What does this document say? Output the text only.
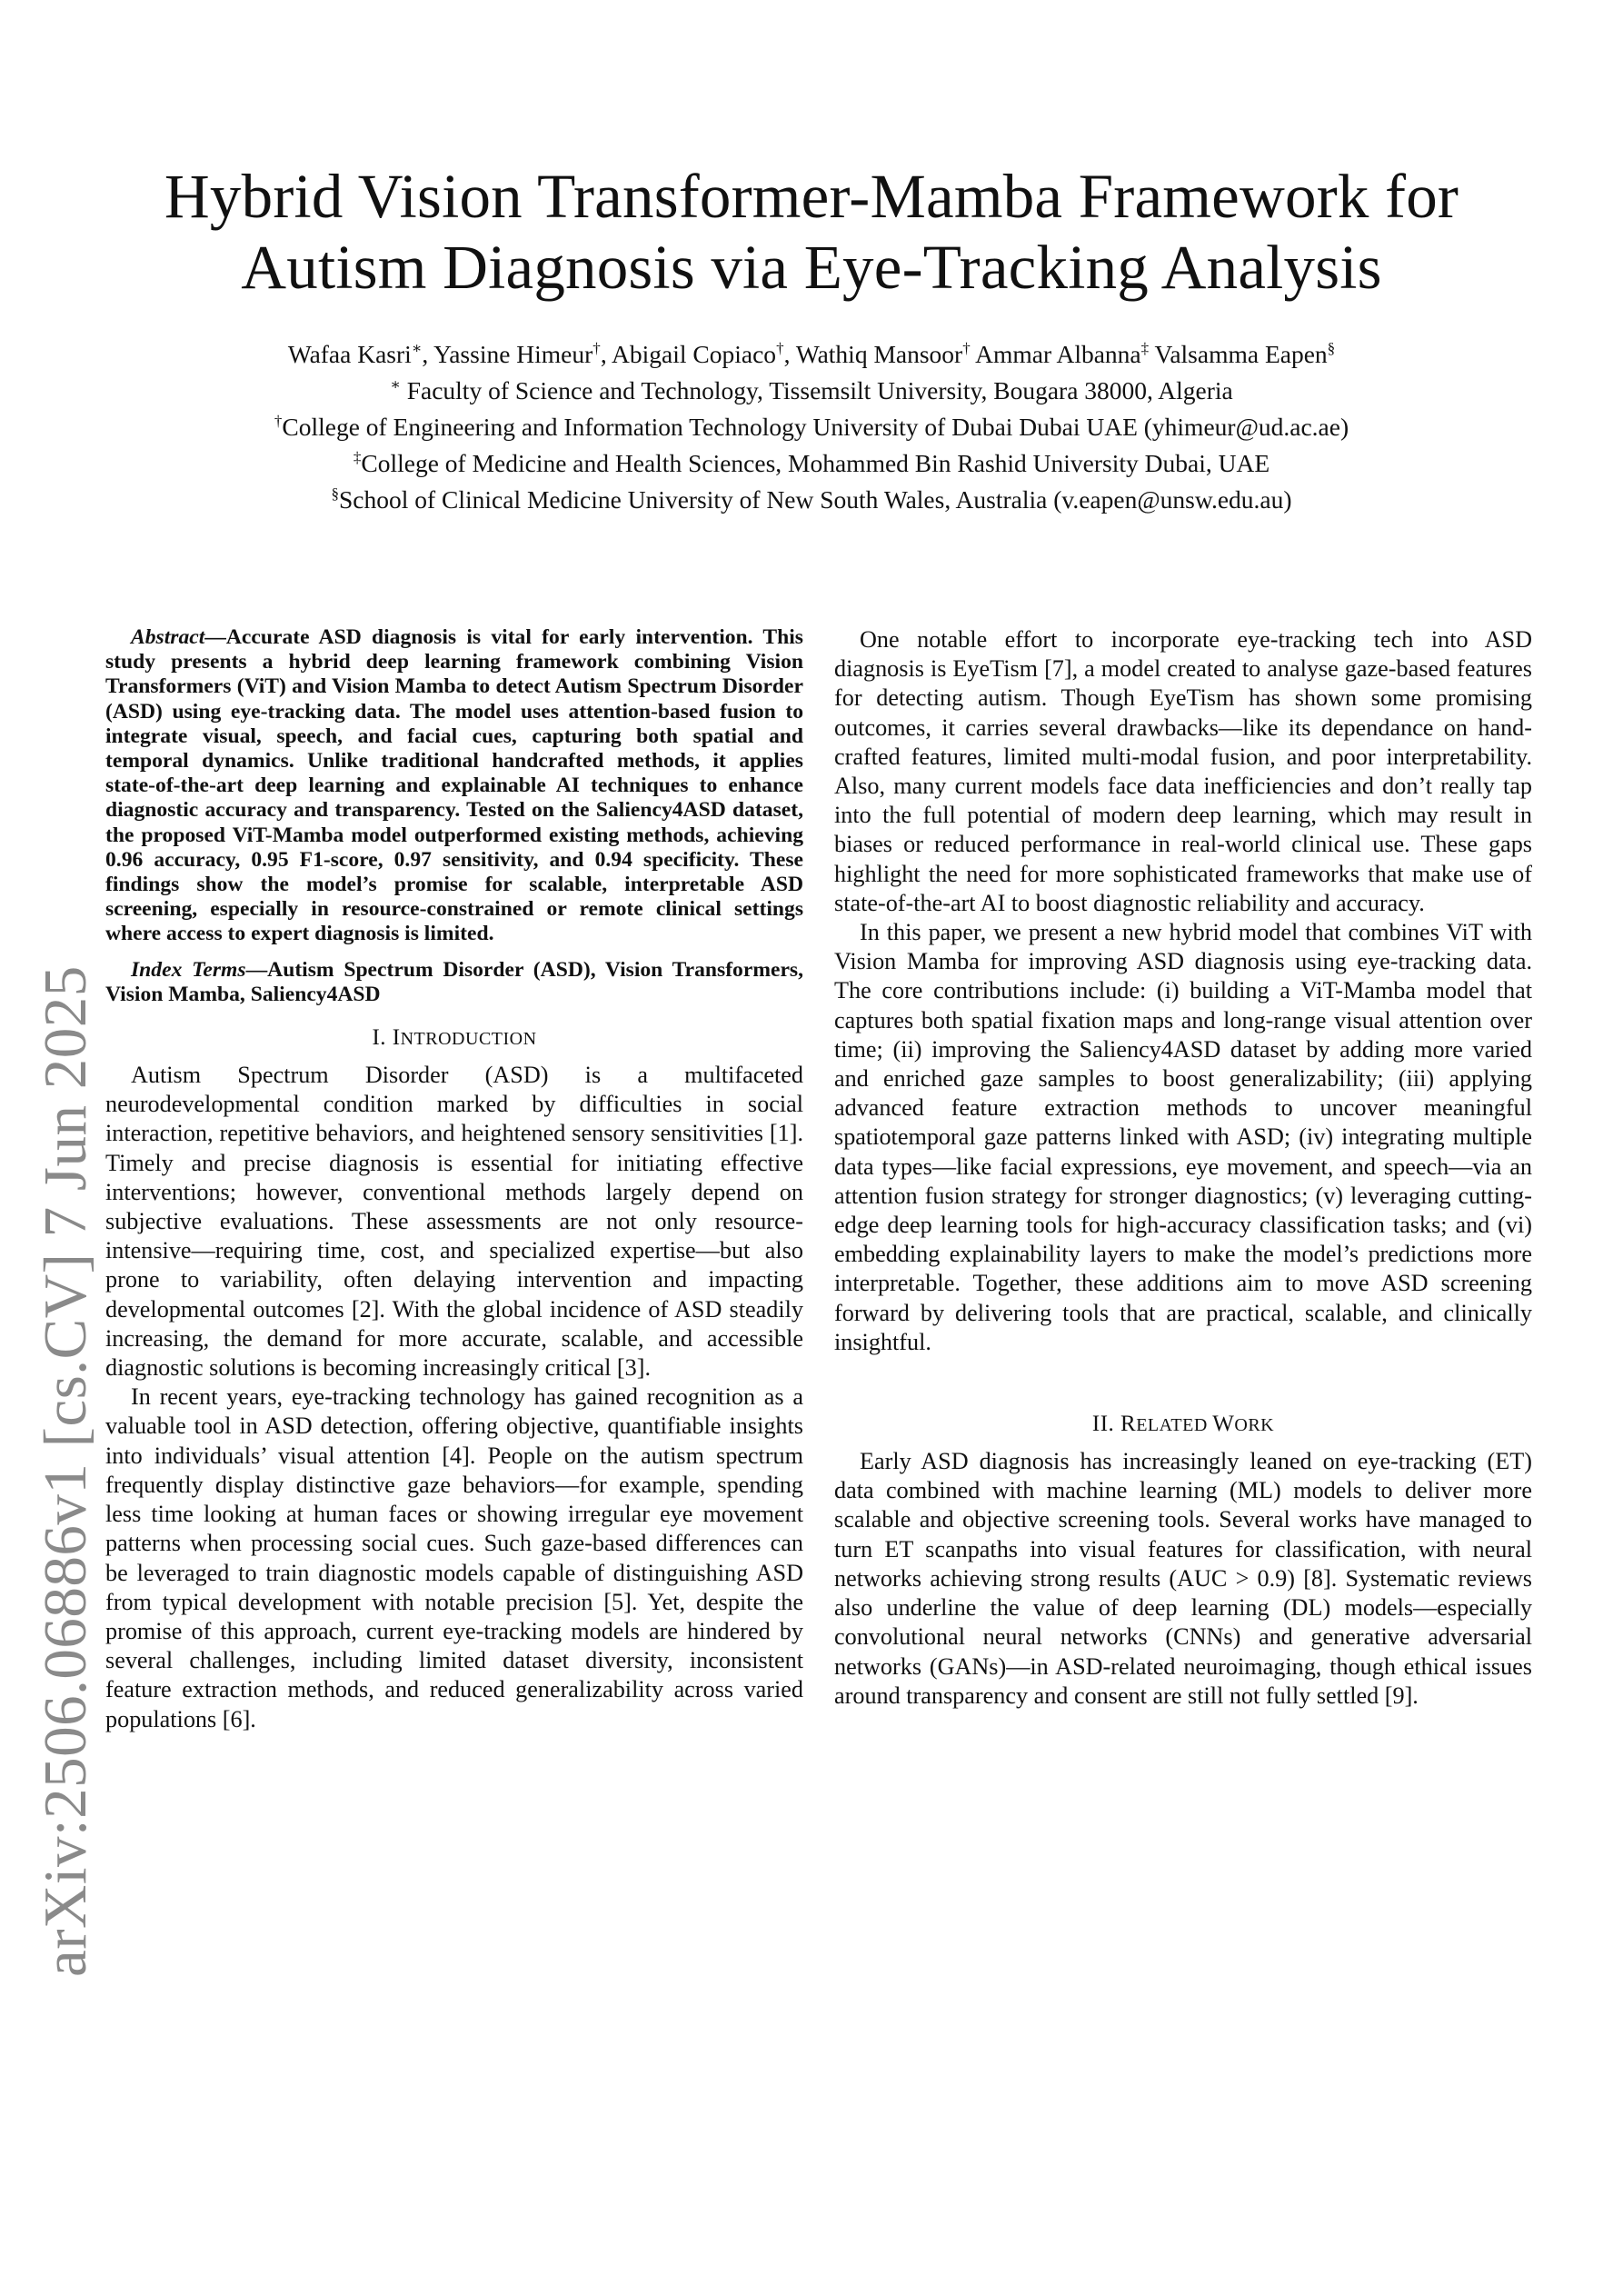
Hybrid Vision Transformer-Mamba Framework for
Autism Diagnosis via Eye-Tracking Analysis
Wafaa Kasri∗, Yassine Himeur†, Abigail Copiaco†, Wathiq Mansoor† Ammar Albanna‡ Valsamma Eapen§
∗ Faculty of Science and Technology, Tissemsilt University, Bougara 38000, Algeria
†College of Engineering and Information Technology University of Dubai Dubai UAE (yhimeur@ud.ac.ae)
‡College of Medicine and Health Sciences, Mohammed Bin Rashid University Dubai, UAE
§School of Clinical Medicine University of New South Wales, Australia (v.eapen@unsw.edu.au)
arXiv:2506.06886v1 [cs.CV] 7 Jun 2025

Abstract—Accurate ASD diagnosis is vital for early intervention. This study presents a hybrid deep learning framework combining Vision Transformers (ViT) and Vision Mamba to detect Autism Spectrum Disorder (ASD) using eye-tracking data. The model uses attention-based fusion to integrate visual, speech, and facial cues, capturing both spatial and temporal dynamics. Unlike traditional handcrafted methods, it applies state-of-the-art deep learning and explainable AI techniques to enhance diagnostic accuracy and transparency. Tested on the Saliency4ASD dataset, the proposed ViT-Mamba model outperformed existing methods, achieving 0.96 accuracy, 0.95 F1-score, 0.97 sensitivity, and 0.94 specificity. These findings show the model’s promise for scalable, interpretable ASD screening, especially in resource-constrained or remote clinical settings where access to expert diagnosis is limited.

Index Terms—Autism Spectrum Disorder (ASD), Vision Transformers, Vision Mamba, Saliency4ASD

I. INTRODUCTION

Autism Spectrum Disorder (ASD) is a multifaceted neurodevelopmental condition marked by difficulties in social interaction, repetitive behaviors, and heightened sensory sensitivities [1]. Timely and precise diagnosis is essential for initiating effective interventions; however, conventional methods largely depend on subjective evaluations. These assessments are not only resource-intensive—requiring time, cost, and specialized expertise—but also prone to variability, often delaying intervention and impacting developmental outcomes [2]. With the global incidence of ASD steadily increasing, the demand for more accurate, scalable, and accessible diagnostic solutions is becoming increasingly critical [3].

In recent years, eye-tracking technology has gained recognition as a valuable tool in ASD detection, offering objective, quantifiable insights into individuals’ visual attention [4]. People on the autism spectrum frequently display distinctive gaze behaviors—for example, spending less time looking at human faces or showing irregular eye movement patterns when processing social cues. Such gaze-based differences can be leveraged to train diagnostic models capable of distinguishing ASD from typical development with notable precision [5]. Yet, despite the promise of this approach, current eye-tracking models are hindered by several challenges, including limited dataset diversity, inconsistent feature extraction methods, and reduced generalizability across varied populations [6].

One notable effort to incorporate eye-tracking tech into ASD diagnosis is EyeTism [7], a model created to analyse gaze-based features for detecting autism. Though EyeTism has shown some promising outcomes, it carries several drawbacks—like its dependance on hand-crafted features, limited multi-modal fusion, and poor interpretability. Also, many current models face data inefficiencies and don’t really tap into the full potential of modern deep learning, which may result in biases or reduced performance in real-world clinical use. These gaps highlight the need for more sophisticated frameworks that make use of state-of-the-art AI to boost diagnostic reliability and accuracy.

In this paper, we present a new hybrid model that combines ViT with Vision Mamba for improving ASD diagnosis using eye-tracking data. The core contributions include: (i) building a ViT-Mamba model that captures both spatial fixation maps and long-range visual attention over time; (ii) improving the Saliency4ASD dataset by adding more varied and enriched gaze samples to boost generalizability; (iii) applying advanced feature extraction methods to uncover meaningful spatiotemporal gaze patterns linked with ASD; (iv) integrating multiple data types—like facial expressions, eye movement, and speech—via an attention fusion strategy for stronger diagnostics; (v) leveraging cutting-edge deep learning tools for high-accuracy classification tasks; and (vi) embedding explainability layers to make the model’s predictions more interpretable. Together, these additions aim to move ASD screening forward by delivering tools that are practical, scalable, and clinically insightful.

II. RELATED WORK

Early ASD diagnosis has increasingly leaned on eye-tracking (ET) data combined with machine learning (ML) models to deliver more scalable and objective screening tools. Several works have managed to turn ET scanpaths into visual features for classification, with neural networks achieving strong results (AUC > 0.9) [8]. Systematic reviews also underline the value of deep learning (DL) models—especially convolutional neural networks (CNNs) and generative adversarial networks (GANs)—in ASD-related neuroimaging, though ethical issues around transparency and consent are still not fully settled [9].
